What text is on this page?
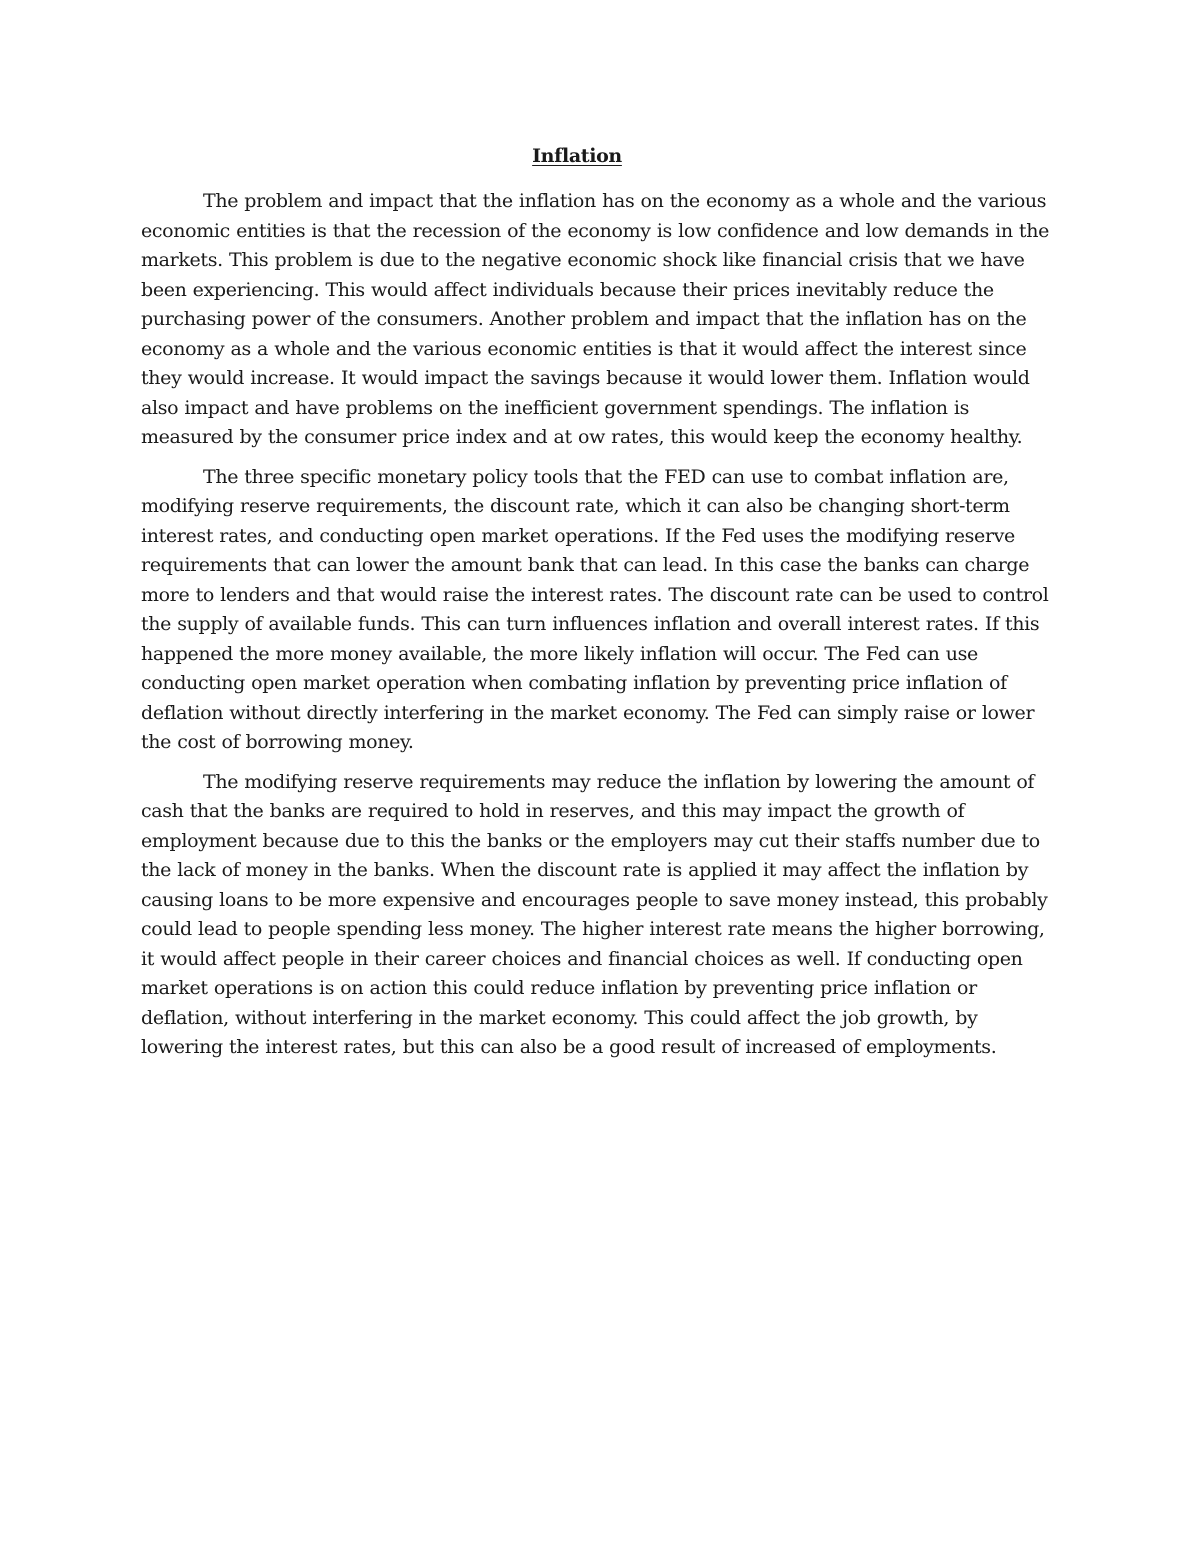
Inflation

The problem and impact that the inflation has on the economy as a whole and the various economic entities is that the recession of the economy is low confidence and low demands in the markets. This problem is due to the negative economic shock like financial crisis that we have been experiencing. This would affect individuals because their prices inevitably reduce the purchasing power of the consumers. Another problem and impact that the inflation has on the economy as a whole and the various economic entities is that it would affect the interest since they would increase. It would impact the savings because it would lower them. Inflation would also impact and have problems on the inefficient government spendings. The inflation is measured by the consumer price index and at ow rates, this would keep the economy healthy.

The three specific monetary policy tools that the FED can use to combat inflation are, modifying reserve requirements, the discount rate, which it can also be changing short-term interest rates, and conducting open market operations. If the Fed uses the modifying reserve requirements that can lower the amount bank that can lead. In this case the banks can charge more to lenders and that would raise the interest rates. The discount rate can be used to control the supply of available funds. This can turn influences inflation and overall interest rates. If this happened the more money available, the more likely inflation will occur. The Fed can use conducting open market operation when combating inflation by preventing price inflation of deflation without directly interfering in the market economy. The Fed can simply raise or lower the cost of borrowing money.

The modifying reserve requirements may reduce the inflation by lowering the amount of cash that the banks are required to hold in reserves, and this may impact the growth of employment because due to this the banks or the employers may cut their staffs number due to the lack of money in the banks. When the discount rate is applied it may affect the inflation by causing loans to be more expensive and encourages people to save money instead, this probably could lead to people spending less money. The higher interest rate means the higher borrowing, it would affect people in their career choices and financial choices as well. If conducting open market operations is on action this could reduce inflation by preventing price inflation or deflation, without interfering in the market economy. This could affect the job growth, by lowering the interest rates, but this can also be a good result of increased of employments.
